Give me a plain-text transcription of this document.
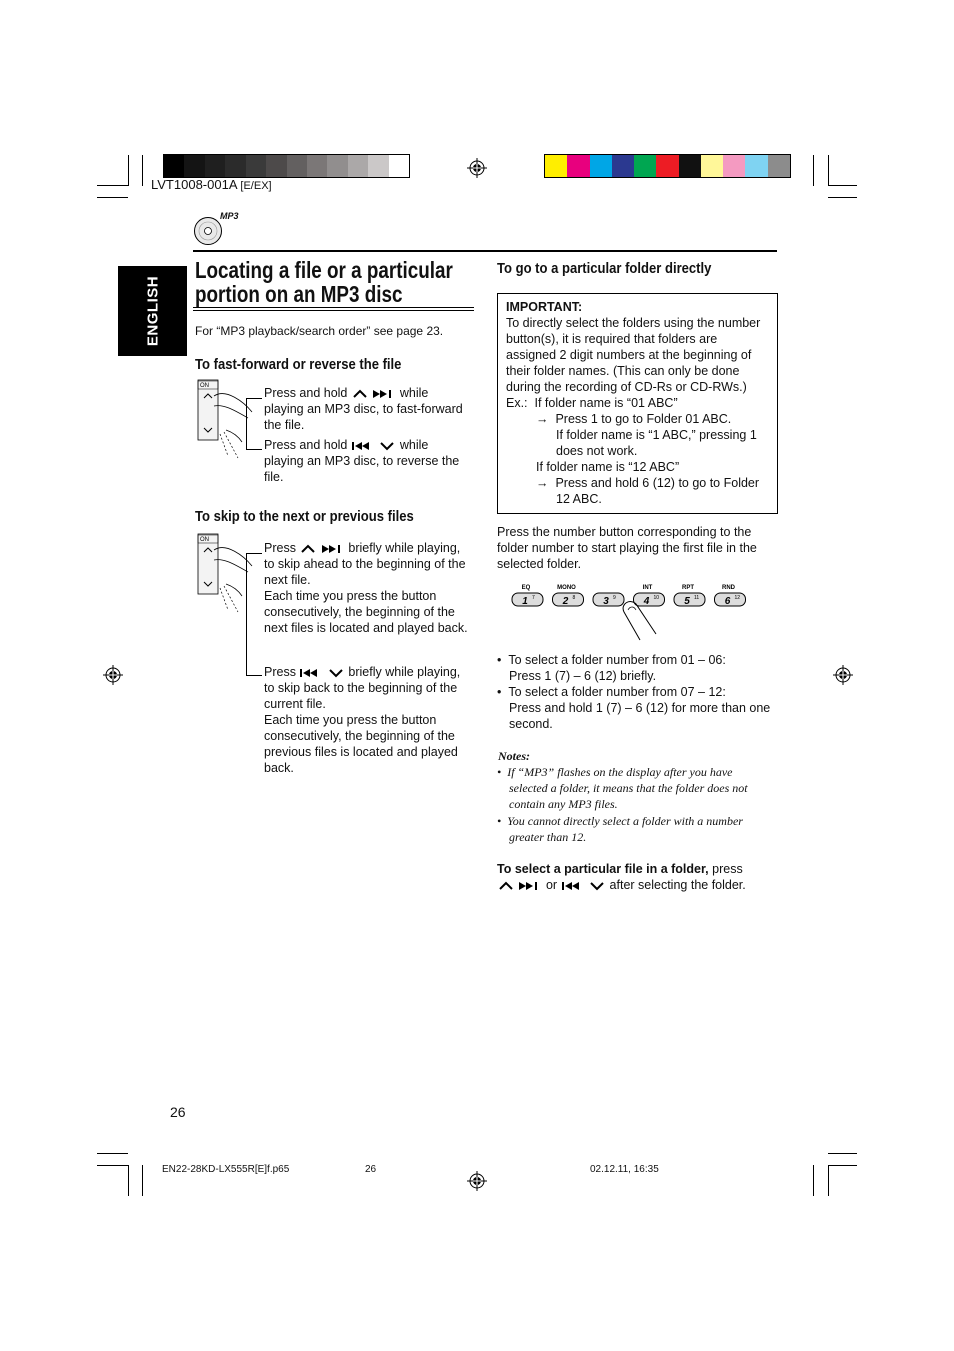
LVT1008-001A [E/EX]
MP3
ENGLISH
Locating a file or a particular
portion on an MP3 disc
For “MP3 playback/search order” see page 23.
To fast-forward or reverse the file
ON	Press and hold	while
playing an MP3 disc, to fast-forward
the file.
Press and hold	while
playing an MP3 disc, to reverse the
file.
To skip to the next or previous files
ON
Press	briefly while playing,
to skip ahead to the beginning of the
next file.
Each time you press the button
consecutively, the beginning of the
next files is located and played back.
Press	briefly while playing,
to skip back to the beginning of the
current file.
Each time you press the button
consecutively, the beginning of the
previous files is located and played
back.
To go to a particular folder directly
IMPORTANT:
To directly select the folders using the number
button(s), it is required that folders are
assigned 2 digit numbers at the beginning of
their folder names. (This can only be done
during the recording of CD-Rs or CD-RWs.)
Ex.: If folder name is “01 ABC”
→ Press 1 to go to Folder 01 ABC.
If folder name is “1 ABC,” pressing 1
does not work.
If folder name is “12 ABC”
→ Press and hold 6 (12) to go to Folder
12 ABC.
Press the number button corresponding to the
folder number to start playing the first file in the
selected folder.
EQ
1 7
MONO
2 8	3 9
INT
4 10
RPT
5 11
RND
6 12
• To select a folder number from 01 – 06:
Press 1 (7) – 6 (12) briefly.
• To select a folder number from 07 – 12:
Press and hold 1 (7) – 6 (12) for more than one
second.
Notes:
• If “MP3” flashes on the display after you have
selected a folder, it means that the folder does not
contain any MP3 files.
• You cannot directly select a folder with a number
greater than 12.
To select a particular file in a folder, press
or	after selecting the folder.
26
EN22-28KD-LX555R[E]f.p65	26	02.12.11, 16:35
